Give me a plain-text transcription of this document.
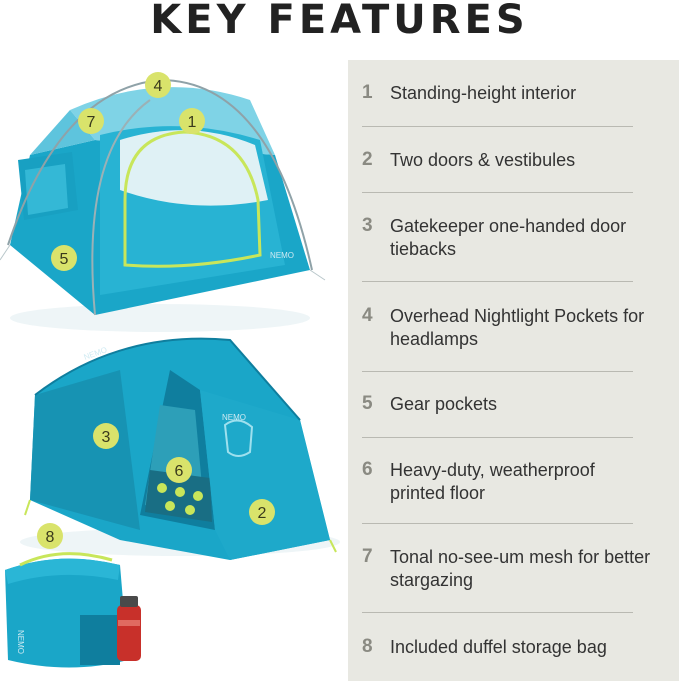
KEY FEATURES
NEMO
NEMO
NEMO
NEMO
1
2
3
4
5
6
7
8
1 Standing-height interior
2 Two doors & vestibules
3 Gatekeeper one-handed door tiebacks
4 Overhead Nightlight Pockets for headlamps
5 Gear pockets
6 Heavy-duty, weatherproof printed floor
7 Tonal no-see-um mesh for better stargazing
8 Included duffel storage bag
